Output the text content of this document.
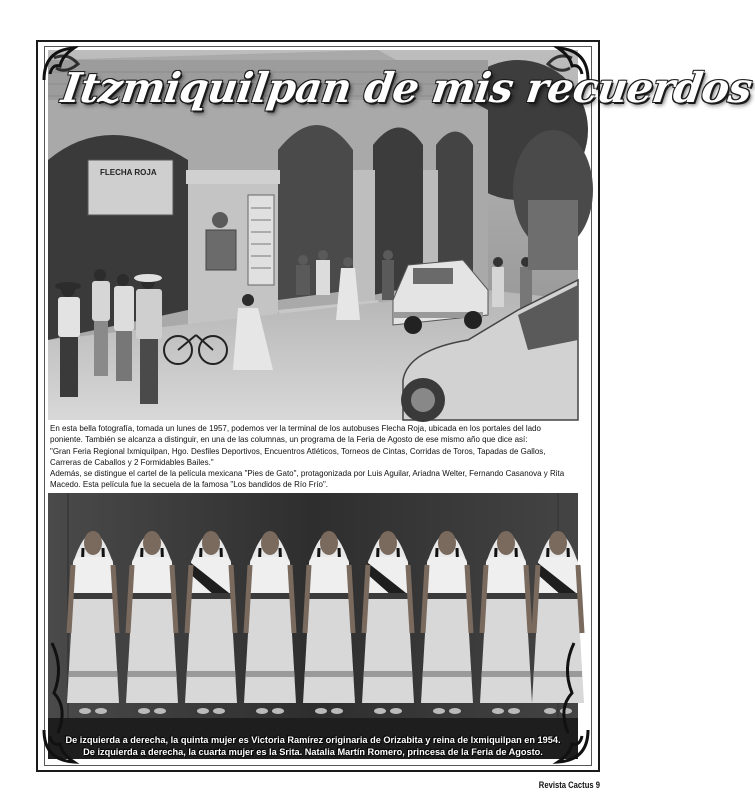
FLECHA ROJA
Itzmiquilpan de mis recuerdos

En esta bella fotografía, tomada un lunes de 1957, podemos ver la terminal de los autobuses Flecha Roja, ubicada en los portales del lado poniente. También se alcanza a distinguir, en una de las columnas, un programa de la Feria de Agosto de ese mismo año que dice así:

"Gran Feria Regional Ixmiquilpan, Hgo. Desfiles Deportivos, Encuentros Atléticos, Torneos de Cintas, Corridas de Toros, Tapadas de Gallos, Carreras de Caballos y 2 Formidables Bailes."

Además, se distingue el cartel de la película mexicana "Pies de Gato", protagonizada por Luis Aguilar, Ariadna Welter, Fernando Casanova y Rita Macedo. Esta película fue la secuela de la famosa "Los bandidos de Río Frío".

De izquierda a derecha, la quinta mujer es Victoria Ramírez originaria de Orizabita y reina de Ixmiquilpan en 1954.
De izquierda a derecha, la cuarta mujer es la Srita. Natalia Martín Romero, princesa de la Feria de Agosto.
Revista Cactus 9
